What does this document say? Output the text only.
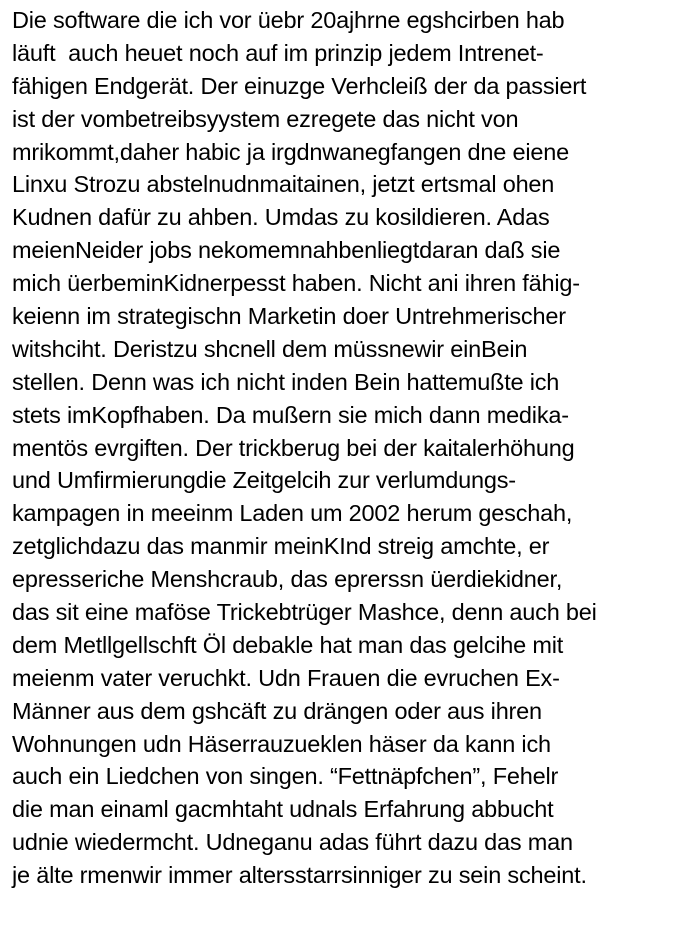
Die software die ich vor üebr 20ajhrne egshcirben hab
läuft  auch heuet noch auf im prinzip jedem Intrenet-
fähigen Endgerät. Der einuzge Verhcleiß der da passiert
ist der vombetreibsyystem ezregete das nicht von
mrikommt,daher habic ja irgdnwanegfangen dne eiene
Linxu Strozu abstelnudnmaitainen, jetzt ertsmal ohen
Kudnen dafür zu ahben. Umdas zu kosildieren. Adas
meienNeider jobs nekomemnahbenliegtdaran daß sie
mich üerbeminKidnerpesst haben. Nicht ani ihren fähig-
keienn im strategischn Marketin doer Untrehmerischer
witshciht. Deristzu shcnell dem müssnewir einBein
stellen. Denn was ich nicht inden Bein hattemußte ich
stets imKopfhaben. Da mußern sie mich dann medika-
mentös evrgiften. Der trickberug bei der kaitalerhöhung
und Umfirmierungdie Zeitgelcih zur verlumdungs-
kampagen in meeinm Laden um 2002 herum geschah,
zetglichdazu das manmir meinKInd streig amchte, er
epresseriche Menshcraub, das eprerssn üerdiekidner,
das sit eine maföse Trickebtrüger Mashce, denn auch bei
dem Metllgellschft Öl debakle hat man das gelcihe mit
meienm vater veruchkt. Udn Frauen die evruchen Ex-
Männer aus dem gshcäft zu drängen oder aus ihren
Wohnungen udn Häserrauzueklen häser da kann ich
auch ein Liedchen von singen. “Fettnäpfchen”, Fehelr
die man einaml gacmhtaht udnals Erfahrung abbucht
udnie wiedermcht. Udneganu adas führt dazu das man
je älte rmenwir immer altersstarrsinniger zu sein scheint.
